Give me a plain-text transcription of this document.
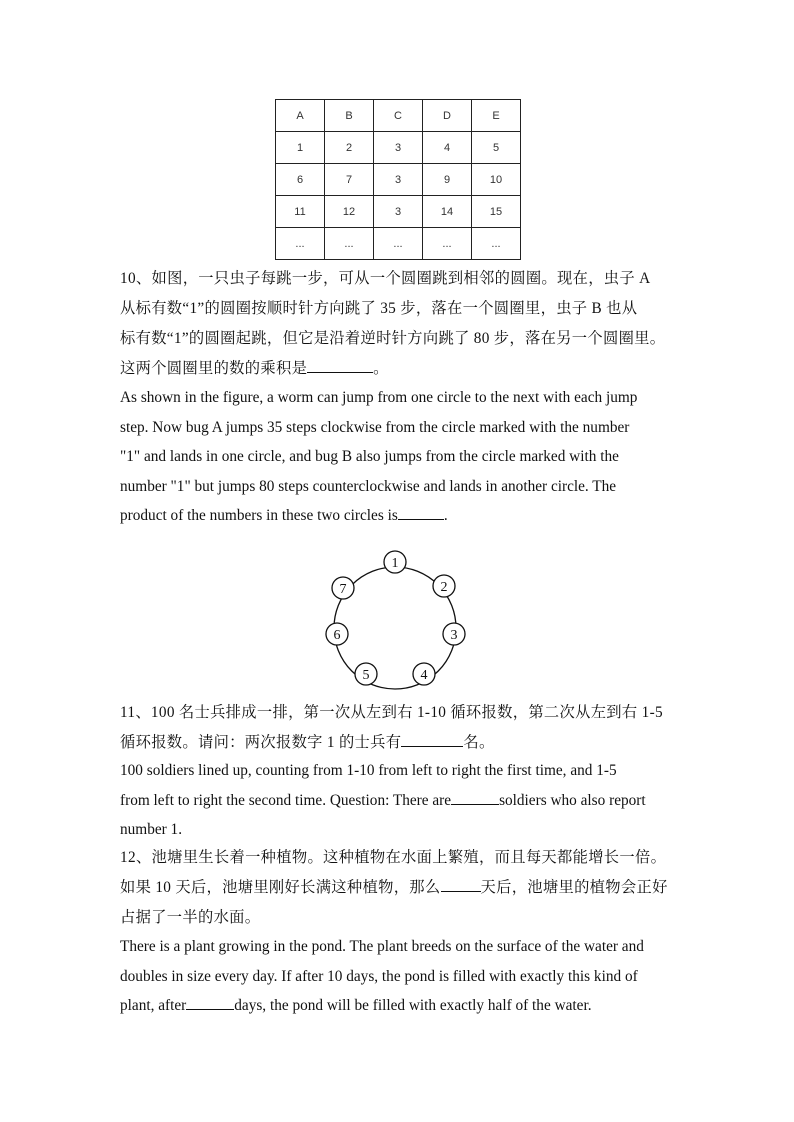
A	B	C	D	E
1	2	3	4	5
6	7	3	9	10
11	12	3	14	15
...	...	...	...	...
10、如图，一只虫子每跳一步，可从一个圆圈跳到相邻的圆圈。现在，虫子 A
从标有数“1”的圆圈按顺时针方向跳了 35 步，落在一个圆圈里，虫子 B 也从
标有数“1”的圆圈起跳，但它是沿着逆时针方向跳了 80 步，落在另一个圆圈里。
这两个圆圈里的数的乘积是	。
As shown in the figure, a worm can jump from one circle to the next with each jump
step. Now bug A jumps 35 steps clockwise from the circle marked with the number
"1" and lands in one circle, and bug B also jumps from the circle marked with the
number "1" but jumps 80 steps counterclockwise and lands in another circle. The
product of the numbers in these two circles is	.
1
2
3
4
5
6
7
11、100 名士兵排成一排，第一次从左到右 1-10 循环报数，第二次从左到右 1-5
循环报数。请问：两次报数字 1 的士兵有	名。
100 soldiers lined up, counting from 1-10 from left to right the first time, and 1-5
from left to right the second time. Question: There are	soldiers who also report
number 1.
12、池塘里生长着一种植物。这种植物在水面上繁殖，而且每天都能增长一倍。
如果 10 天后，池塘里刚好长满这种植物，那么	天后，池塘里的植物会正好
占据了一半的水面。
There is a plant growing in the pond. The plant breeds on the surface of the water and
doubles in size every day. If after 10 days, the pond is filled with exactly this kind of
plant, after	days, the pond will be filled with exactly half of the water.
